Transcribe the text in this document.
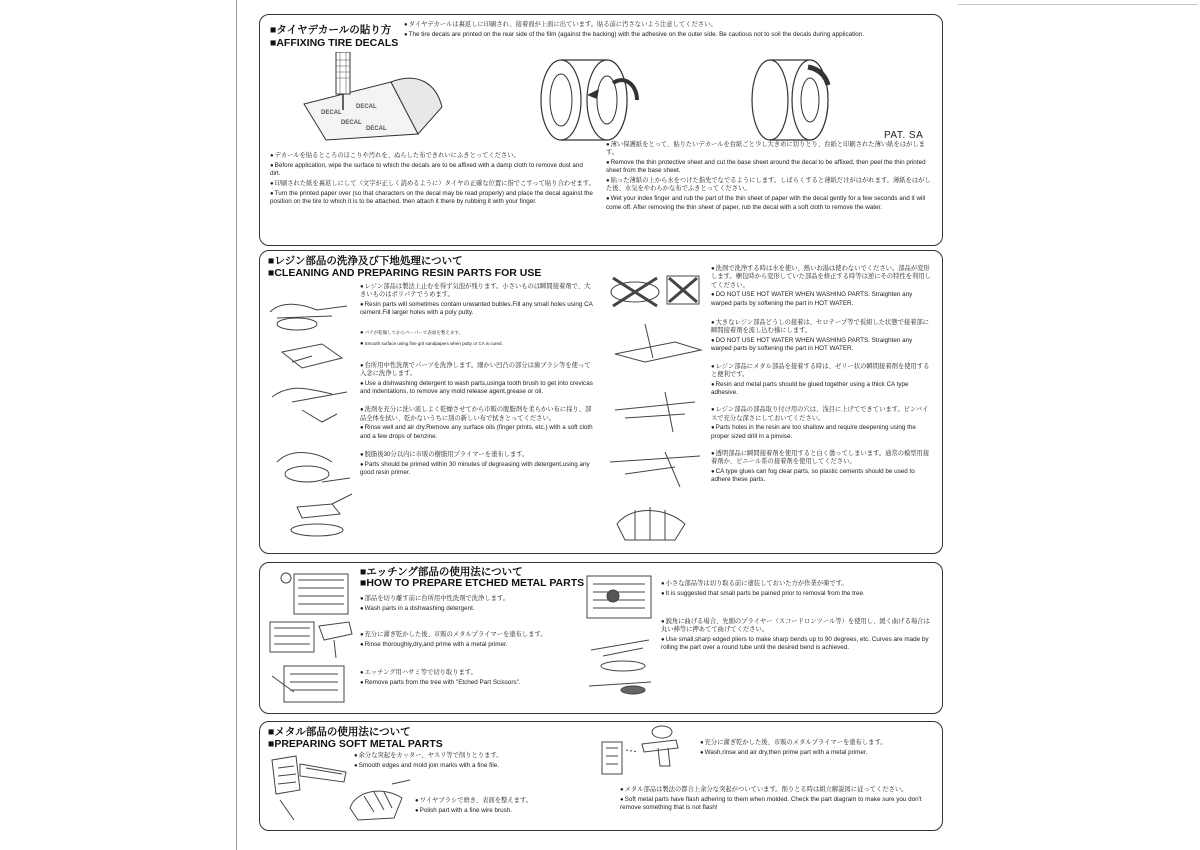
■タイヤデカールの貼り方
■AFFIXING TIRE DECALS
● タイヤデカールは裏返しに印刷され、接着面が上面に出ています。貼る前に汚さないよう注意してください。
● The tire decals are printed on the rear side of the film (against the backing) with the adhesive on the outer side. Be cautious not to soil the decals during application.
DECAL
DECAL
DECAL
DECAL
PAT. SA
● デカールを貼るところのほこりや汚れを、ぬらした布できれいにふきとってください。
● Before application, wipe the surface to which the decals are to be affixed with a damp cloth to remove dust and dirt.
● 印刷された紙を裏返しにして（文字が正しく読めるように）タイヤの正確な位置に指でこすって貼り合わせます。
● Turn the printed paper over (so that characters on the decal may be read properly) and place the decal against the position on the tire to which it is to be attached, then attach it there by rubbing it with your finger.
● 薄い保護紙をとって、貼りたいデカールを台紙ごと少し大きめに切りとり、台紙と印刷された薄い紙をはがします。
● Remove the thin protective sheet and cut the base sheet around the decal to be affixed, then peel the thin printed sheet from the base sheet.
● 貼った薄紙の上から水をつけた指先でなでるようにします。しばらくすると薄紙だけがはがれます。薄紙をはがした後、水気をやわらかな布でふきとってください。
● Wet your index finger and rub the part of the thin sheet of paper with the decal gently for a few seconds and it will come off. After removing the thin sheet of paper, rub the decal with a soft cloth to remove the water.
■レジン部品の洗浄及び下地処理について
■CLEANING AND PREPARING RESIN PARTS FOR USE
● レジン部品は製法上止むを得ず気泡が残ります。小さいものは瞬間接着剤で、大きいものはポリパテでうめます。
● Resin parts will sometimes contain unwanted bubles.Fill any small holes using CA cement.Fill larger holes with a poly putty.
● パテが乾燥してからペーパーで表面を整えます。
● Smooth surface using fine grit sandpapers when putty or CA is cured.
● 台所用中性洗剤でパーツを洗浄します。細かい凹凸の部分は歯ブラシ等を使って入念に洗浄します。
● Use a dishwashing detergent to wash parts,usinga tooth brush to get into crevicas and indentations, to remove any mold release agent,grease or oil.
● 洗剤を充分に洗い流しよく乾燥させてから市販の脱脂剤を柔らかい布に採り、部品全体を拭い、乾かないうちに別の新しい布で拭きとってください。
● Rinse well and air dry.Remove any surface oils (finger prints, etc.) with a soft cloth and a few drops of benzine.
● 脱脂後30分以内に市販の樹脂用プライマーを塗布します。
● Parts should be primed within 30 minutes of degreasing with detergent,using any good resin primer.
● 洗剤で洗浄する時は水を使い、熱いお湯は使わないでください。部品が変形します。梱包時から変形していた部品を修正する時等は逆にその特性を利用してください。
● DO NOT USE HOT WATER WHEN WASHING PARTS. Straighten any warped parts by softening the part in HOT WATER.
● 大きなレジン部品どうしの接着は、セロテープ等で仮組した状態で接着部に瞬間接着剤を流し込む様にします。
● DO NOT USE HOT WATER WHEN WASHING PARTS. Straighten any warped parts by softening the part in HOT WATER.
● レジン部品にメタル部品を接着する時は、ゼリー状の瞬間接着剤を使用すると便利です。
● Resin and metal parts should be glued together using a thick CA type adhesive.
● レジン部品の部品取り付け用の穴は、浅目に上げてできています。ピンバイスで充分な深さにしておいてください。
● Parts holes in the resin are too shallow and require deepening using the proper sized drill in a pinvise.
● 透明部品に瞬間接着剤を使用すると白く曇ってしまいます。通常の模型用接着剤か、ビニール系の接着剤を使用してください。
● CA type glues can fog clear parts, so plastic cements should be used to adhere these parts.
■エッチング部品の使用法について
■HOW TO PREPARE ETCHED METAL PARTS
● 部品を切り離す前に台所用中性洗剤で洗浄します。
● Wash parts in a dishwashing detergent.
● 充分に濯ぎ乾かした後、市販のメタルプライマーを塗布します。
● Rinse thoroughly,dry,and prime with a metal primer.
● エッチング用ハサミ等で切り取ります。
● Remove parts from the tree with "Etched Part Scissors".
● 小さな部品等は切り取る前に塗装しておいた方が作業が楽です。
● It is suggested that small parts be pained prior to removal from the tree.
● 鋭角に曲げる場合、先細のプライヤー（スコードロンツール等）を使用し、緩く曲げる場合は丸い棒等に押あてて曲げてください。
● Use small,sharp edged pliers to make sharp bends up to 90 degrees, etc. Curves are made by rolling the part over a round tube until the desired bend is achieved.
■メタル部品の使用法について
■PREPARING SOFT METAL PARTS
● 余分な突起をカッター、ヤスリ等で削りとります。
● Smooth edges and mold join marks with a fine file.
● ワイヤブラシで磨き、表面を整えます。
● Polish part with a fine wire brush.
● 充分に濯ぎ乾かした後、市販のメタルプライマーを塗布します。
● Wash,rinse and air dry,then prime part with a metal primer.
● メタル部品は製法の都合上余分な突起がついています。削りとる時は組立解説図に従ってください。
● Soft metal parts have flash adhering to them when molded. Check the part diagram to make sure you don't remove something that is not flash!
